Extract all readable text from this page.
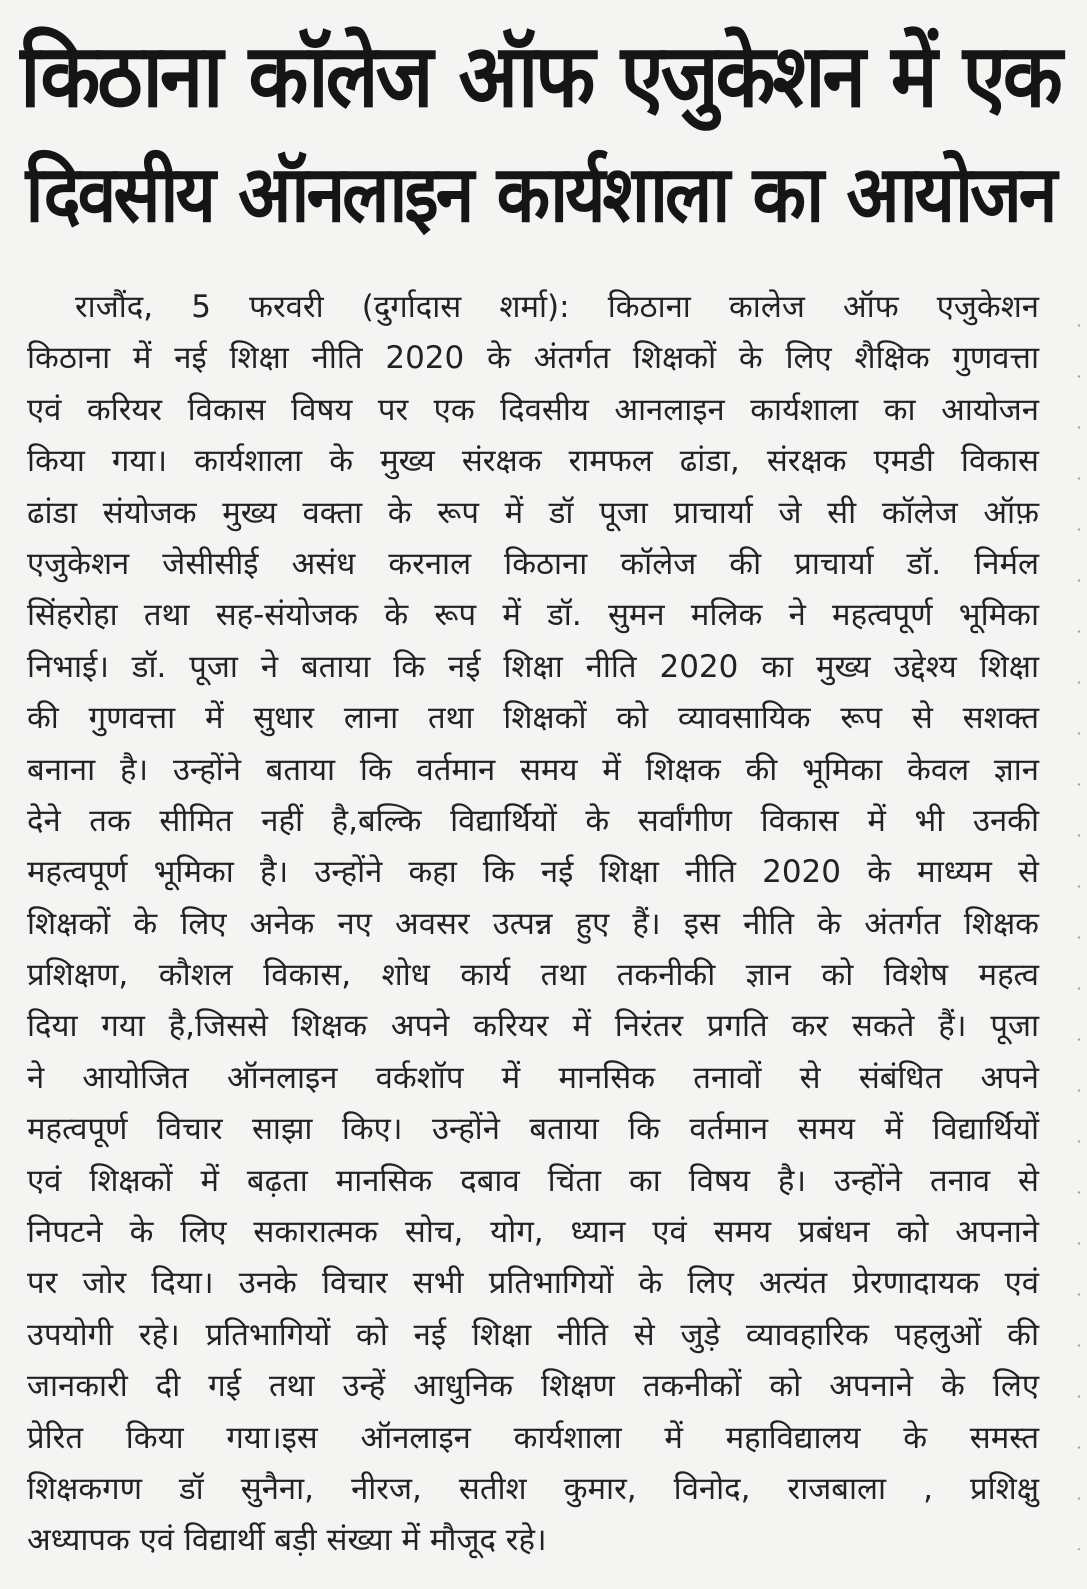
किठाना कॉलेज ऑफ एजुकेशन में एक
दिवसीय ऑनलाइन कार्यशाला का आयोजन
राजौंद, 5 फरवरी (दुर्गादास शर्मा): किठाना कालेज ऑफ एजुकेशन
किठाना में नई शिक्षा नीति 2020 के अंतर्गत शिक्षकों के लिए शैक्षिक गुणवत्ता
एवं करियर विकास विषय पर एक दिवसीय आनलाइन कार्यशाला का आयोजन
किया गया। कार्यशाला के मुख्य संरक्षक रामफल ढांडा, संरक्षक एमडी विकास
ढांडा संयोजक मुख्य वक्ता के रूप में डॉ पूजा प्राचार्या जे सी कॉलेज ऑफ़
एजुकेशन जेसीसीई असंध करनाल किठाना कॉलेज की प्राचार्या डॉ. निर्मल
सिंहरोहा तथा सह-संयोजक के रूप में डॉ. सुमन मलिक ने महत्वपूर्ण भूमिका
निभाई। डॉ. पूजा ने बताया कि नई शिक्षा नीति 2020 का मुख्य उद्देश्य शिक्षा
की गुणवत्ता में सुधार लाना तथा शिक्षकों को व्यावसायिक रूप से सशक्त
बनाना है। उन्होंने बताया कि वर्तमान समय में शिक्षक की भूमिका केवल ज्ञान
देने तक सीमित नहीं है,बल्कि विद्यार्थियों के सर्वांगीण विकास में भी उनकी
महत्वपूर्ण भूमिका है। उन्होंने कहा कि नई शिक्षा नीति 2020 के माध्यम से
शिक्षकों के लिए अनेक नए अवसर उत्पन्न हुए हैं। इस नीति के अंतर्गत शिक्षक
प्रशिक्षण, कौशल विकास, शोध कार्य तथा तकनीकी ज्ञान को विशेष महत्व
दिया गया है,जिससे शिक्षक अपने करियर में निरंतर प्रगति कर सकते हैं। पूजा
ने आयोजित ऑनलाइन वर्कशॉप में मानसिक तनावों से संबंधित अपने
महत्वपूर्ण विचार साझा किए। उन्होंने बताया कि वर्तमान समय में विद्यार्थियों
एवं शिक्षकों में बढ़ता मानसिक दबाव चिंता का विषय है। उन्होंने तनाव से
निपटने के लिए सकारात्मक सोच, योग, ध्यान एवं समय प्रबंधन को अपनाने
पर जोर दिया। उनके विचार सभी प्रतिभागियों के लिए अत्यंत प्रेरणादायक एवं
उपयोगी रहे। प्रतिभागियों को नई शिक्षा नीति से जुड़े व्यावहारिक पहलुओं की
जानकारी दी गई तथा उन्हें आधुनिक शिक्षण तकनीकों को अपनाने के लिए
प्रेरित किया गया।इस ऑनलाइन कार्यशाला में महाविद्यालय के समस्त
शिक्षकगण डॉ सुनैना, नीरज, सतीश कुमार, विनोद, राजबाला , प्रशिक्षु
अध्यापक एवं विद्यार्थी बड़ी संख्या में मौजूद रहे।
